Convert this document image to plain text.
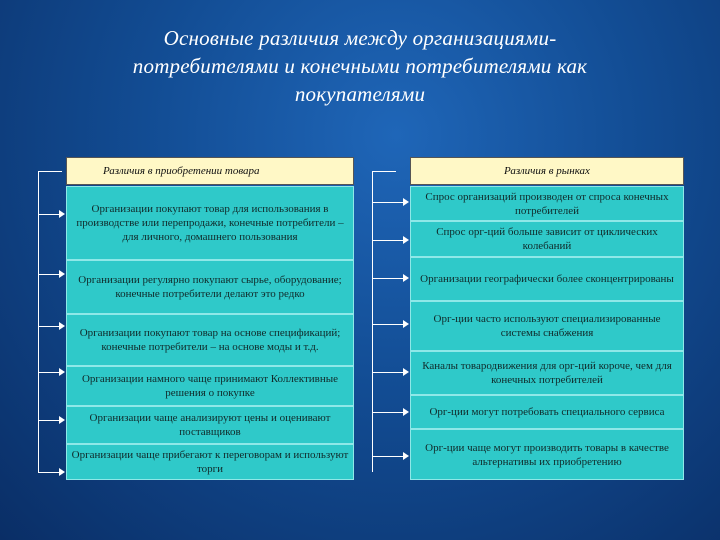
Основные различия между организациями-
потребителями и конечными потребителями как
покупателями
Различия в приобретении товара
Организации покупают товар для использования в производстве или перепродажи, конечные потребители – для личного, домашнего пользования
Организации регулярно покупают сырье, оборудование; конечные потребители делают это редко
Организации покупают товар на основе спецификаций; конечные потребители – на основе моды и т.д.
Организации намного чаще принимают Коллективные решения о покупке
Организации чаще анализируют цены и оценивают поставщиков
Организации чаще прибегают к переговорам и используют торги
Различия в рынках
Спрос организаций производен от спроса конечных потребителей
Спрос орг-ций больше зависит от циклических колебаний
Организации географически более сконцентрированы
Орг-ции часто используют специализированные системы снабжения
Каналы товародвижения для орг-ций короче, чем для конечных потребителей
Орг-ции могут потребовать специального сервиса
Орг-ции чаще могут производить товары в качестве альтернативы их приобретению
